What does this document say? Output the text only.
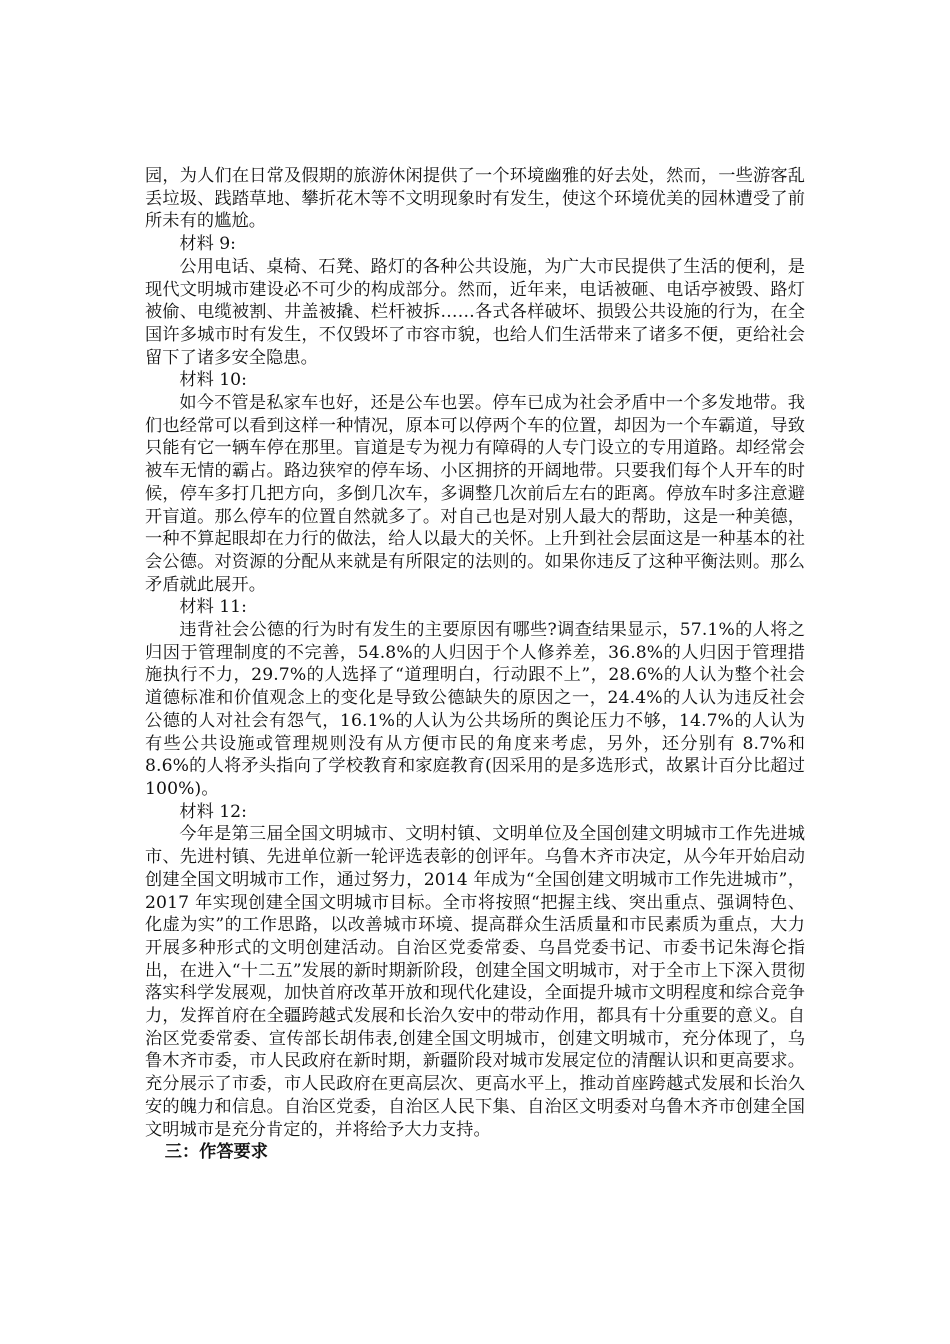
园，为人们在日常及假期的旅游休闲提供了一个环境幽雅的好去处，然而，一些游客乱丢垃圾、践踏草地、攀折花木等不文明现象时有发生，使这个环境优美的园林遭受了前所未有的尴尬。

材料 9:

公用电话、桌椅、石凳、路灯的各种公共设施，为广大市民提供了生活的便利，是现代文明城市建设必不可少的构成部分。然而，近年来，电话被砸、电话亭被毁、路灯被偷、电缆被割、井盖被撬、栏杆被拆……各式各样破坏、损毁公共设施的行为，在全国许多城市时有发生，不仅毁坏了市容市貌，也给人们生活带来了诸多不便，更给社会留下了诸多安全隐患。

材料 10:

如今不管是私家车也好，还是公车也罢。停车已成为社会矛盾中一个多发地带。我们也经常可以看到这样一种情况，原本可以停两个车的位置，却因为一个车霸道，导致只能有它一辆车停在那里。盲道是专为视力有障碍的人专门设立的专用道路。却经常会被车无情的霸占。路边狭窄的停车场、小区拥挤的开阔地带。只要我们每个人开车的时候，停车多打几把方向，多倒几次车，多调整几次前后左右的距离。停放车时多注意避开盲道。那么停车的位置自然就多了。对自己也是对别人最大的帮助，这是一种美德，一种不算起眼却在力行的做法，给人以最大的关怀。上升到社会层面这是一种基本的社会公德。对资源的分配从来就是有所限定的法则的。如果你违反了这种平衡法则。那么矛盾就此展开。

材料 11:

违背社会公德的行为时有发生的主要原因有哪些?调查结果显示，57.1%的人将之归因于管理制度的不完善，54.8%的人归因于个人修养差，36.8%的人归因于管理措施执行不力，29.7%的人选择了“道理明白，行动跟不上”，28.6%的人认为整个社会道德标准和价值观念上的变化是导致公德缺失的原因之一，24.4%的人认为违反社会公德的人对社会有怨气，16.1%的人认为公共场所的舆论压力不够，14.7%的人认为有些公共设施或管理规则没有从方便市民的角度来考虑，另外，还分别有 8.7%和 8.6%的人将矛头指向了学校教育和家庭教育(因采用的是多选形式，故累计百分比超过 100%)。

材料 12:

今年是第三届全国文明城市、文明村镇、文明单位及全国创建文明城市工作先进城市、先进村镇、先进单位新一轮评选表彰的创评年。乌鲁木齐市决定，从今年开始启动创建全国文明城市工作，通过努力，2014 年成为“全国创建文明城市工作先进城市”，2017 年实现创建全国文明城市目标。全市将按照“把握主线、突出重点、强调特色、化虚为实”的工作思路，以改善城市环境、提高群众生活质量和市民素质为重点，大力开展多种形式的文明创建活动。自治区党委常委、乌昌党委书记、市委书记朱海仑指出，在进入“十二五”发展的新时期新阶段，创建全国文明城市，对于全市上下深入贯彻落实科学发展观，加快首府改革开放和现代化建设，全面提升城市文明程度和综合竞争力，发挥首府在全疆跨越式发展和长治久安中的带动作用，都具有十分重要的意义。自治区党委常委、宣传部长胡伟表,创建全国文明城市，创建文明城市，充分体现了，乌鲁木齐市委，市人民政府在新时期，新疆阶段对城市发展定位的清醒认识和更高要求。充分展示了市委，市人民政府在更高层次、更高水平上，推动首座跨越式发展和长治久安的魄力和信息。自治区党委，自治区人民下集、自治区文明委对乌鲁木齐市创建全国文明城市是充分肯定的，并将给予大力支持。

三：作答要求
